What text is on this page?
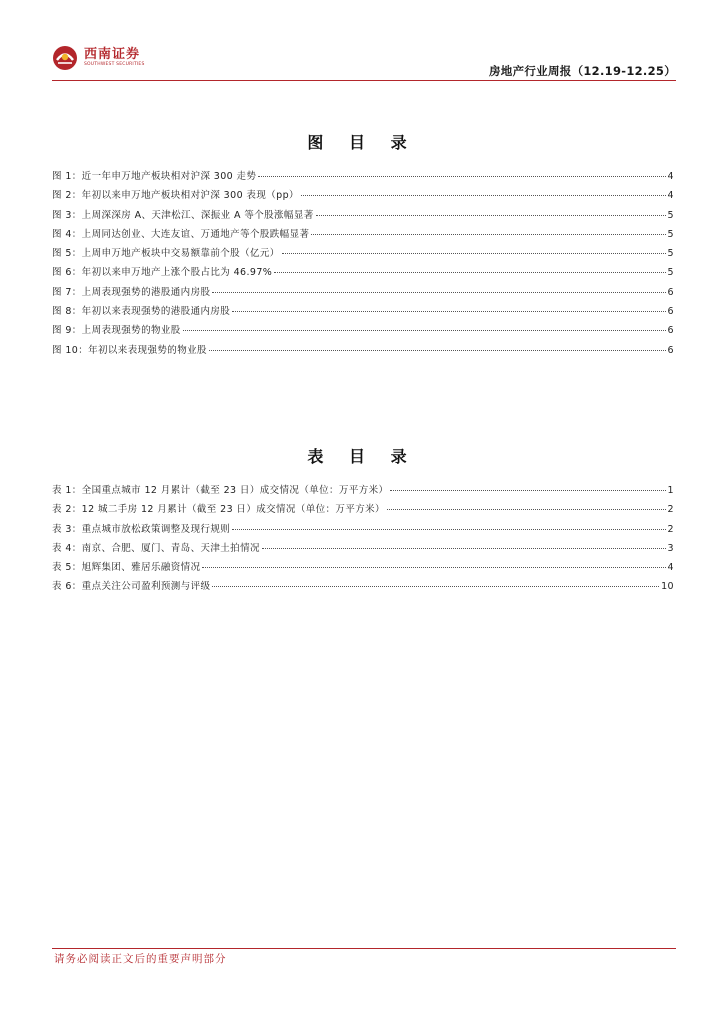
西南证券
SOUTHWEST SECURITIES	房地产行业周报（12.19-12.25）
图 目 录
图 1：近一年申万地产板块相对沪深 300 走势	4
图 2：年初以来申万地产板块相对沪深 300 表现（pp）	4
图 3：上周深深房 A、天津松江、深振业 A 等个股涨幅显著	5
图 4：上周同达创业、大连友谊、万通地产等个股跌幅显著	5
图 5：上周申万地产板块中交易额靠前个股（亿元）	5
图 6：年初以来申万地产上涨个股占比为 46.97%	5
图 7：上周表现强势的港股通内房股	6
图 8：年初以来表现强势的港股通内房股	6
图 9：上周表现强势的物业股	6
图 10：年初以来表现强势的物业股	6
表 目 录
表 1：全国重点城市 12 月累计（截至 23 日）成交情况（单位：万平方米）	1
表 2：12 城二手房 12 月累计（截至 23 日）成交情况（单位：万平方米）	2
表 3：重点城市放松政策调整及现行规则	2
表 4：南京、合肥、厦门、青岛、天津土拍情况	3
表 5：旭辉集团、雅居乐融资情况	4
表 6：重点关注公司盈利预测与评级	10
请务必阅读正文后的重要声明部分
